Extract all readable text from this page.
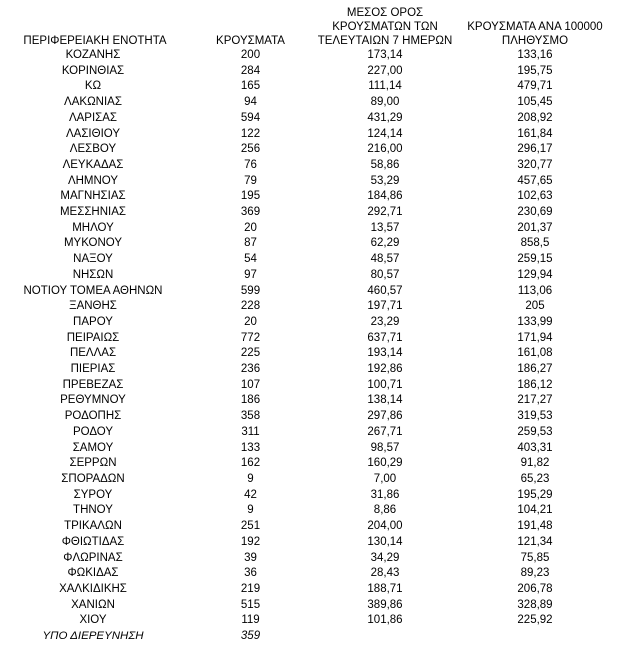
ΠΕΡΙΦΕΡΕΙΑΚΗ ΕΝΟΤΗΤΑ	ΚΡΟΥΣΜΑΤΑ	ΜΕΣΟΣ ΟΡΟΣ
ΚΡΟΥΣΜΑΤΩΝ ΤΩΝ
ΤΕΛΕΥΤΑΙΩΝ 7 ΗΜΕΡΩΝ	ΚΡΟΥΣΜΑΤΑ ΑΝΑ 100000
ΠΛΗΘΥΣΜΟ

ΚΟΖΑΝΗΣ	200	173,14	133,16
ΚΟΡΙΝΘΙΑΣ	284	227,00	195,75
ΚΩ	165	111,14	479,71
ΛΑΚΩΝΙΑΣ	94	89,00	105,45
ΛΑΡΙΣΑΣ	594	431,29	208,92
ΛΑΣΙΘΙΟΥ	122	124,14	161,84
ΛΕΣΒΟΥ	256	216,00	296,17
ΛΕΥΚΑΔΑΣ	76	58,86	320,77
ΛΗΜΝΟΥ	79	53,29	457,65
ΜΑΓΝΗΣΙΑΣ	195	184,86	102,63
ΜΕΣΣΗΝΙΑΣ	369	292,71	230,69
ΜΗΛΟΥ	20	13,57	201,37
ΜΥΚΟΝΟΥ	87	62,29	858,5
ΝΑΞΟΥ	54	48,57	259,15
ΝΗΣΩΝ	97	80,57	129,94
ΝΟΤΙΟΥ ΤΟΜΕΑ ΑΘΗΝΩΝ	599	460,57	113,06
ΞΑΝΘΗΣ	228	197,71	205
ΠΑΡΟΥ	20	23,29	133,99
ΠΕΙΡΑΙΩΣ	772	637,71	171,94
ΠΕΛΛΑΣ	225	193,14	161,08
ΠΙΕΡΙΑΣ	236	192,86	186,27
ΠΡΕΒΕΖΑΣ	107	100,71	186,12
ΡΕΘΥΜΝΟΥ	186	138,14	217,27
ΡΟΔΟΠΗΣ	358	297,86	319,53
ΡΟΔΟΥ	311	267,71	259,53
ΣΑΜΟΥ	133	98,57	403,31
ΣΕΡΡΩΝ	162	160,29	91,82
ΣΠΟΡΑΔΩΝ	9	7,00	65,23
ΣΥΡΟΥ	42	31,86	195,29
ΤΗΝΟΥ	9	8,86	104,21
ΤΡΙΚΑΛΩΝ	251	204,00	191,48
ΦΘΙΩΤΙΔΑΣ	192	130,14	121,34
ΦΛΩΡΙΝΑΣ	39	34,29	75,85
ΦΩΚΙΔΑΣ	36	28,43	89,23
ΧΑΛΚΙΔΙΚΗΣ	219	188,71	206,78
ΧΑΝΙΩΝ	515	389,86	328,89
ΧΙΟΥ	119	101,86	225,92
ΥΠΟ ΔΙΕΡΕΥΝΗΣΗ	359		
